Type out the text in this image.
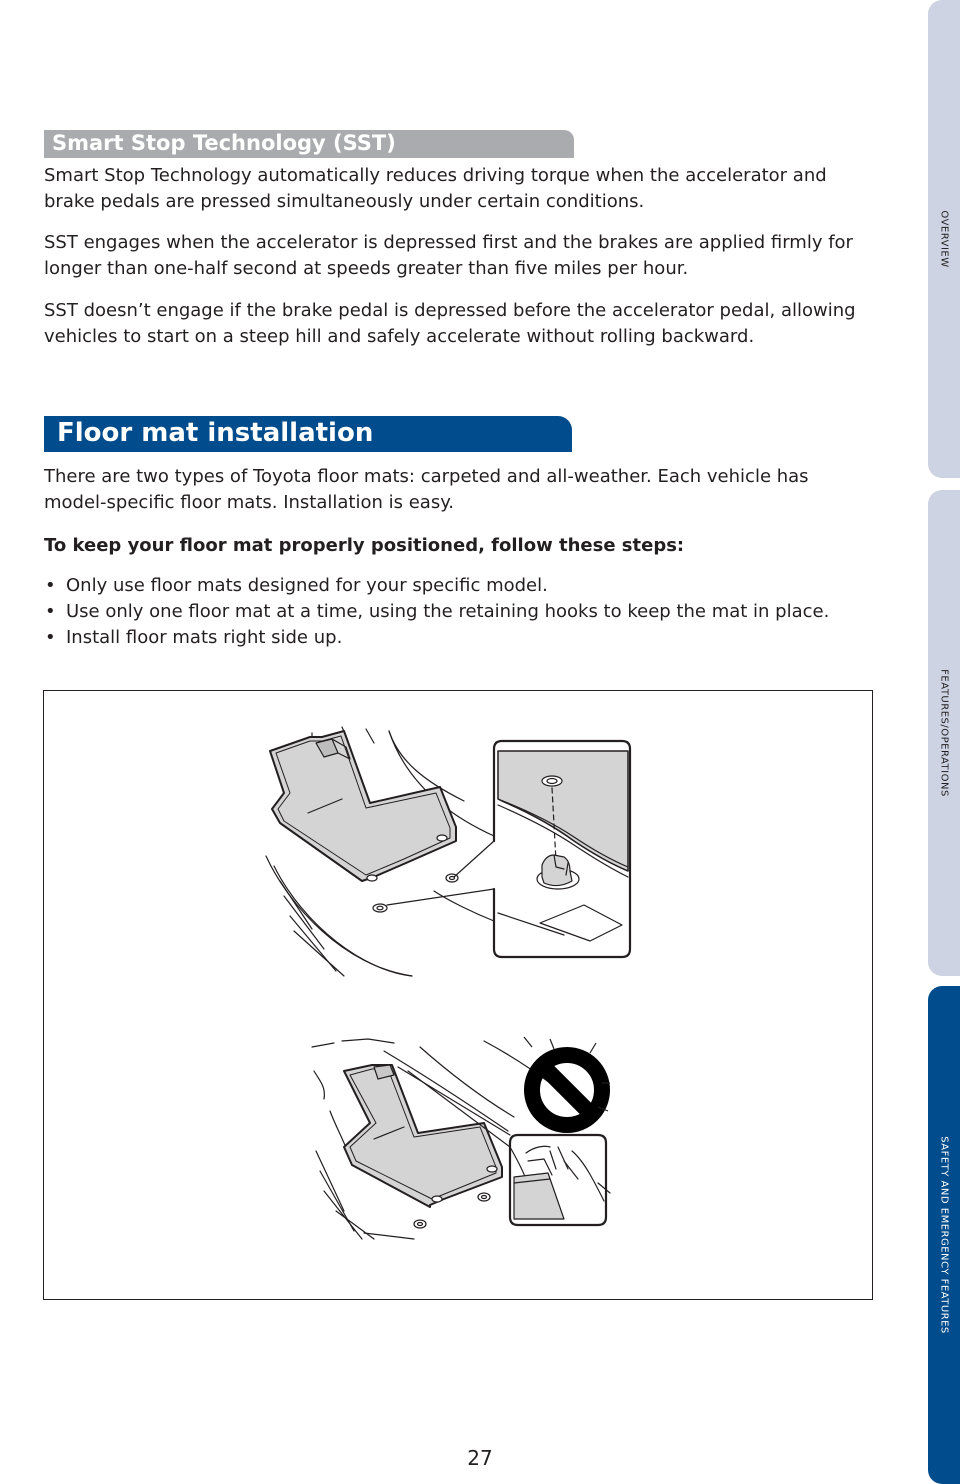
Smart Stop Technology (SST)

Smart Stop Technology automatically reduces driving torque when the accelerator and brake pedals are pressed simultaneously under certain conditions.

SST engages when the accelerator is depressed first and the brakes are applied firmly for longer than one-half second at speeds greater than five miles per hour.

SST doesn’t engage if the brake pedal is depressed before the accelerator pedal, allowing vehicles to start on a steep hill and safely accelerate without rolling backward.

Floor mat installation

There are two types of Toyota floor mats: carpeted and all-weather. Each vehicle has model-specific floor mats. Installation is easy.

To keep your floor mat properly positioned, follow these steps:

• Only use floor mats designed for your specific model.
• Use only one floor mat at a time, using the retaining hooks to keep the mat in place.
• Install floor mats right side up.
OVERVIEW
FEATURES/OPERATIONS
SAFETY AND EMERGENCY FEATURES
27
